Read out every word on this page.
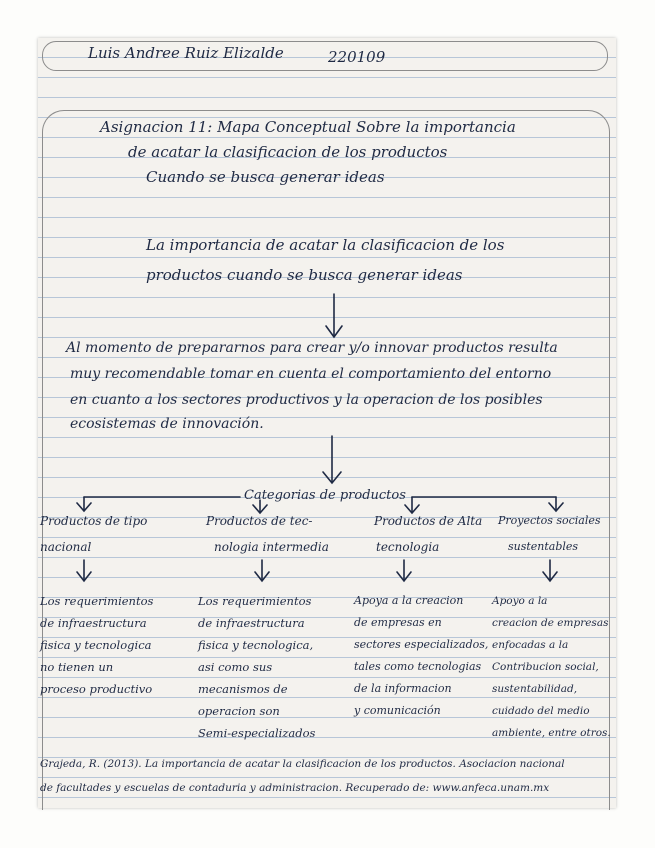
Luis Andree Ruiz Elizalde	220109
Asignacion 11: Mapa Conceptual Sobre la importancia
de acatar la clasificacion de los productos
Cuando se busca generar ideas
La importancia de acatar la clasificacion de los
productos cuando se busca generar ideas
Al momento de prepararnos para crear y/o innovar productos resulta
muy recomendable tomar en cuenta el comportamiento del entorno
en cuanto a los sectores productivos y la operacion de los posibles
ecosistemas de innovación.
Categorias de productos
Productos de tipo
nacional
Productos de tec-
nologia intermedia
Productos de Alta
tecnologia
Proyectos sociales
sustentables
Los requerimientos
de infraestructura
fisica y tecnologica
no tienen un
proceso productivo
Los requerimientos
de infraestructura
fisica y tecnologica,
asi como sus
mecanismos de
operacion son
Semi-especializados
Apoya a la creacion
de empresas en
sectores especializados,
tales como tecnologias
de la informacion
y comunicación
Apoyo a la
creacion de empresas
enfocadas a la
Contribucion social,
sustentabilidad,
cuidado del medio
ambiente, entre otros.
Grajeda, R. (2013). La importancia de acatar la clasificacion de los productos. Asociacion nacional
de facultades y escuelas de contaduria y administracion. Recuperado de: www.anfeca.unam.mx
